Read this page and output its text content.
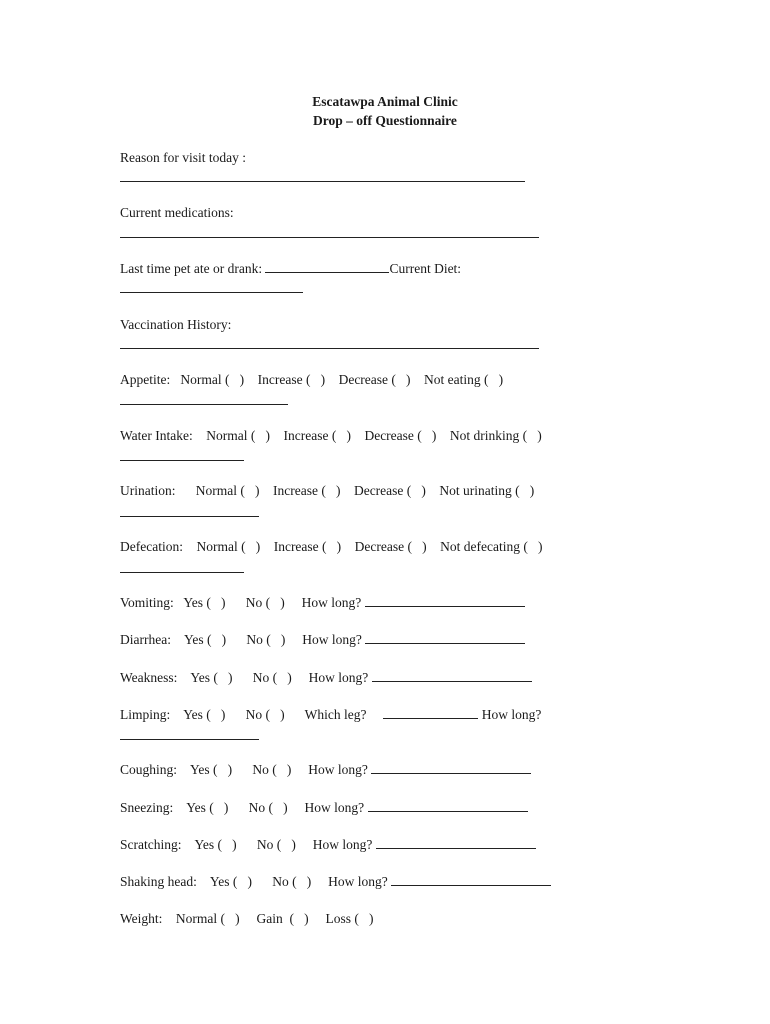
Escatawpa Animal Clinic
Drop – off Questionnaire
Reason for visit today :
Current medications:
Last time pet ate or drank:	Current Diet:
Vaccination History:
Appetite: Normal (   ) Increase (   ) Decrease (   ) Not eating (   )
Water Intake: Normal (   ) Increase (   ) Decrease (   ) Not drinking (   )
Urination: Normal (   ) Increase (   ) Decrease (   ) Not urinating (   )
Defecation: Normal (   ) Increase (   ) Decrease (   ) Not defecating (   )
Vomiting: Yes (   ) No (   ) How long?
Diarrhea: Yes (   ) No (   ) How long?
Weakness: Yes (   ) No (   ) How long?
Limping: Yes (   ) No (   ) Which leg?	How long?
Coughing: Yes (   ) No (   ) How long?
Sneezing: Yes (   ) No (   ) How long?
Scratching: Yes (   ) No (   ) How long?
Shaking head: Yes (   ) No (   ) How long?
Weight: Normal (   ) Gain  (   ) Loss (   )
